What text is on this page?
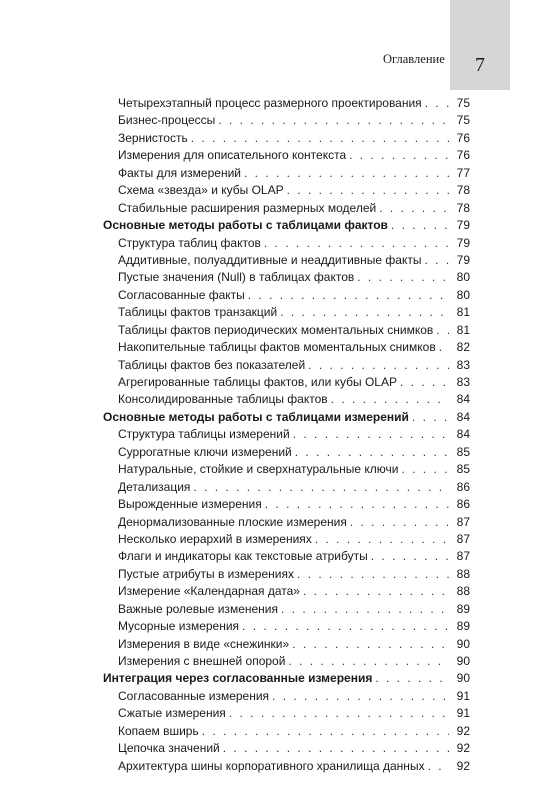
Оглавление	7
Четырехэтапный процесс размерного проектирования . . .	75
Бизнес-процессы . . .	75
Зернистость . . .	76
Измерения для описательного контекста . . .	76
Факты для измерений . . .	77
Схема «звезда» и кубы OLAP . . .	78
Стабильные расширения размерных моделей . . .	78
Основные методы работы с таблицами фактов . . .	79
Структура таблиц фактов . . .	79
Аддитивные, полуаддитивные и неаддитивные факты . . .	79
Пустые значения (Null) в таблицах фактов . . .	80
Согласованные факты . . .	80
Таблицы фактов транзакций . . .	81
Таблицы фактов периодических моментальных снимков . . .	81
Накопительные таблицы фактов моментальных снимков . . .	82
Таблицы фактов без показателей . . .	83
Агрегированные таблицы фактов, или кубы OLAP . . .	83
Консолидированные таблицы фактов . . .	84
Основные методы работы с таблицами измерений . . .	84
Структура таблицы измерений . . .	84
Суррогатные ключи измерений . . .	85
Натуральные, стойкие и сверхнатуральные ключи . . .	85
Детализация . . .	86
Вырожденные измерения . . .	86
Денормализованные плоские измерения . . .	87
Несколько иерархий в измерениях . . .	87
Флаги и индикаторы как текстовые атрибуты . . .	87
Пустые атрибуты в измерениях . . .	88
Измерение «Календарная дата» . . .	88
Важные ролевые изменения . . .	89
Мусорные измерения . . .	89
Измерения в виде «снежинки» . . .	90
Измерения с внешней опорой . . .	90
Интеграция через согласованные измерения . . .	90
Согласованные измерения . . .	91
Сжатые измерения . . .	91
Копаем вширь . . .	92
Цепочка значений . . .	92
Архитектура шины корпоративного хранилища данных . . .	92
